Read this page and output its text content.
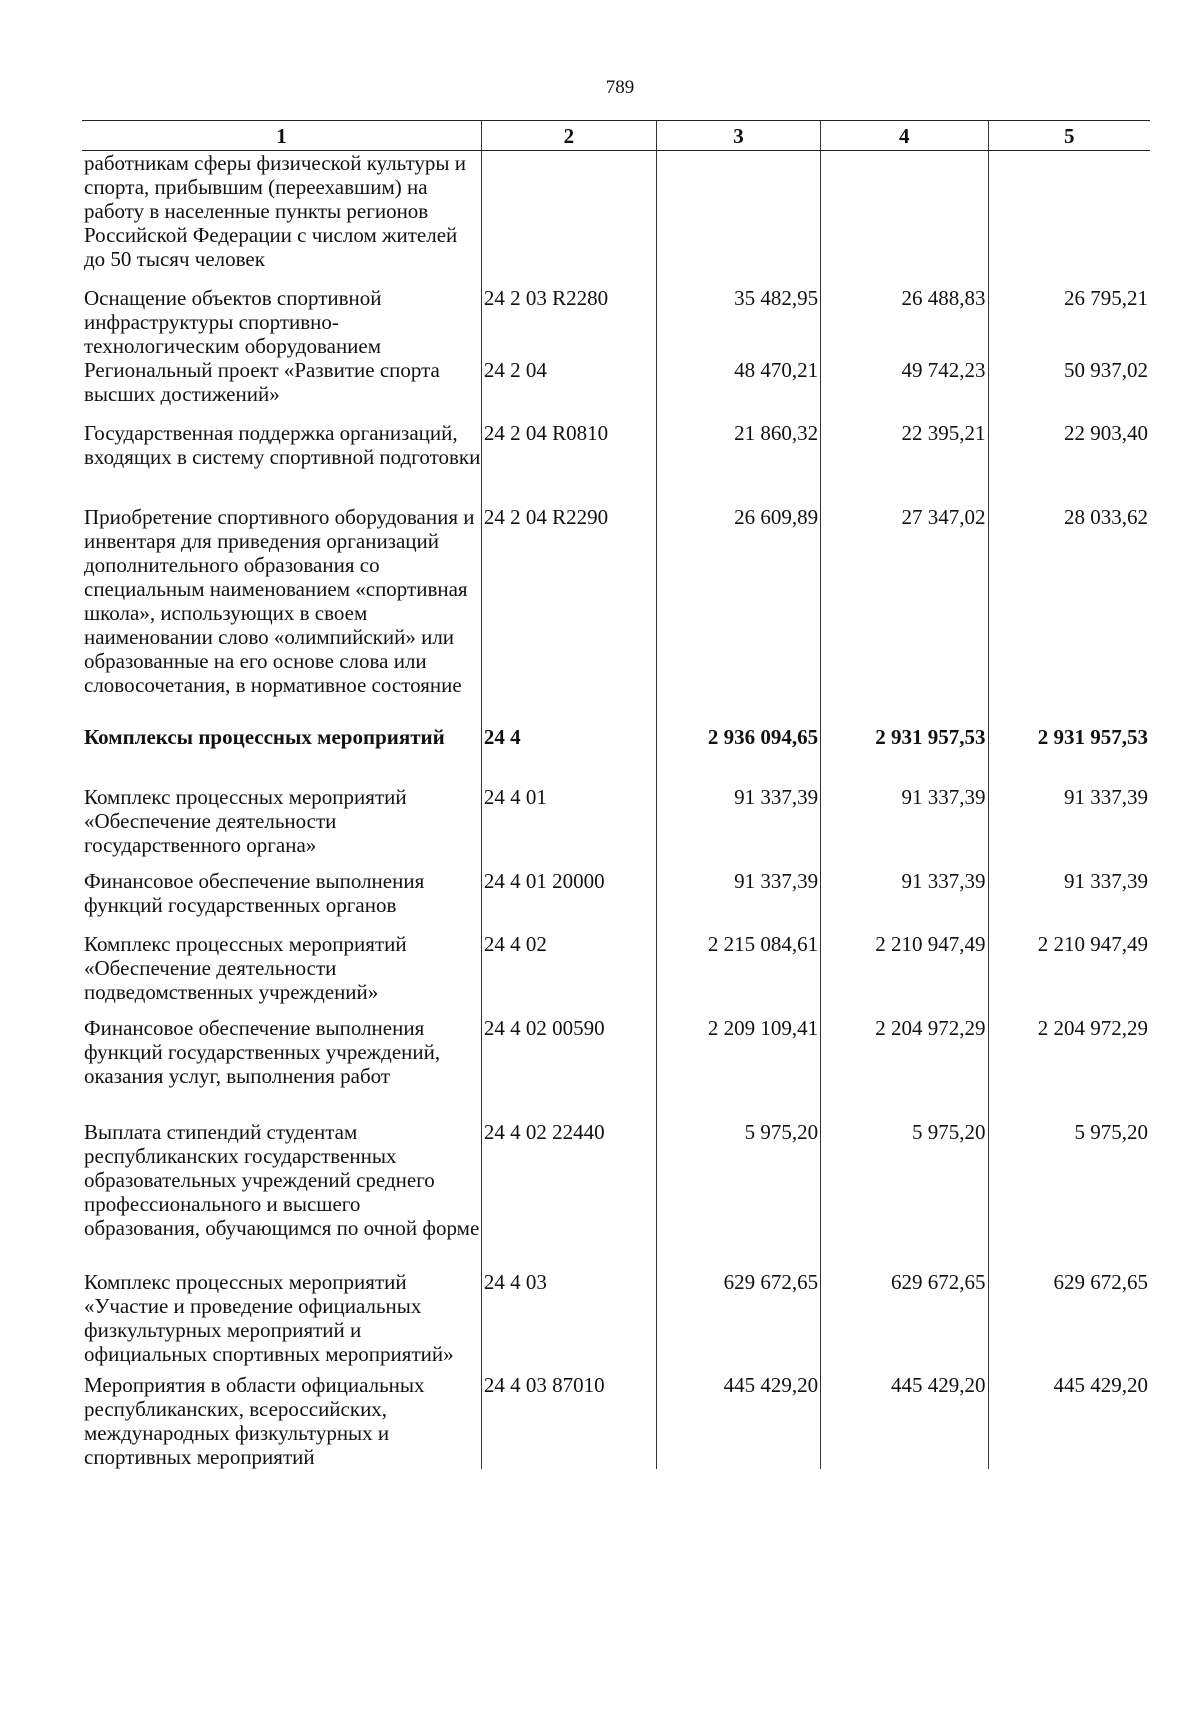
789
1	2	3	4	5

работникам сферы физической культуры и спорта, прибывшим (переехавшим) на работу в населенные пункты регионов Российской Федерации с числом жителей до 50 тысяч человек				

Оснащение объектов спортивной инфраструктуры спортивно-технологическим оборудованием	24 2 03 R2280	35 482,95	26 488,83	26 795,21

Региональный проект «Развитие спорта высших достижений»	24 2 04	48 470,21	49 742,23	50 937,02

Государственная поддержка организаций, входящих в систему спортивной подготовки	24 2 04 R0810	21 860,32	22 395,21	22 903,40

Приобретение спортивного оборудования и инвентаря для приведения организаций дополнительного образования со специальным наименованием «спортивная школа», использующих в своем наименовании слово «олимпийский» или образованные на его основе слова или словосочетания, в нормативное состояние	24 2 04 R2290	26 609,89	27 347,02	28 033,62

Комплексы процессных мероприятий	24 4	2 936 094,65	2 931 957,53	2 931 957,53

Комплекс процессных мероприятий «Обеспечение деятельности государственного органа»	24 4 01	91 337,39	91 337,39	91 337,39

Финансовое обеспечение выполнения функций государственных органов	24 4 01 20000	91 337,39	91 337,39	91 337,39

Комплекс процессных мероприятий «Обеспечение деятельности подведомственных учреждений»	24 4 02	2 215 084,61	2 210 947,49	2 210 947,49

Финансовое обеспечение выполнения функций государственных учреждений, оказания услуг, выполнения работ	24 4 02 00590	2 209 109,41	2 204 972,29	2 204 972,29

Выплата стипендий студентам республиканских государственных образовательных учреждений среднего профессионального и высшего образования, обучающимся по очной форме	24 4 02 22440	5 975,20	5 975,20	5 975,20

Комплекс процессных мероприятий «Участие и проведение официальных физкультурных мероприятий и официальных спортивных мероприятий»	24 4 03	629 672,65	629 672,65	629 672,65

Мероприятия в области официальных республиканских, всероссийских, международных физкультурных и спортивных мероприятий	24 4 03 87010	445 429,20	445 429,20	445 429,20
